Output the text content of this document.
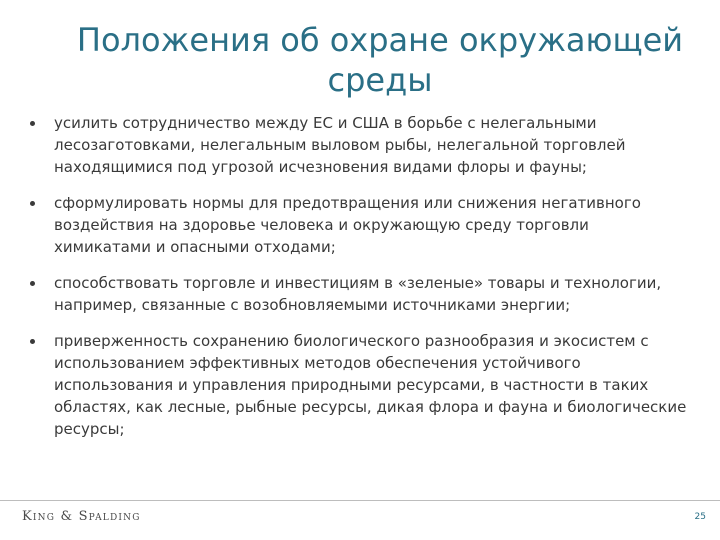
Положения об охране окружающей среды
усилить сотрудничество между ЕС и США в борьбе с нелегальными лесозаготовками, нелегальным выловом рыбы, нелегальной торговлей находящимися под угрозой исчезновения видами флоры и фауны;
сформулировать нормы для предотвращения или снижения негативного воздействия на здоровье человека и окружающую среду торговли химикатами и опасными отходами;
способствовать торговле и инвестициям в «зеленые» товары и технологии, например, связанные с возобновляемыми источниками энергии;
приверженность сохранению биологического разнообразия и экосистем с использованием эффективных методов обеспечения устойчивого использования и управления природными ресурсами, в частности в таких областях, как лесные, рыбные ресурсы, дикая флора и фауна и биологические ресурсы;
King & Spalding	25
